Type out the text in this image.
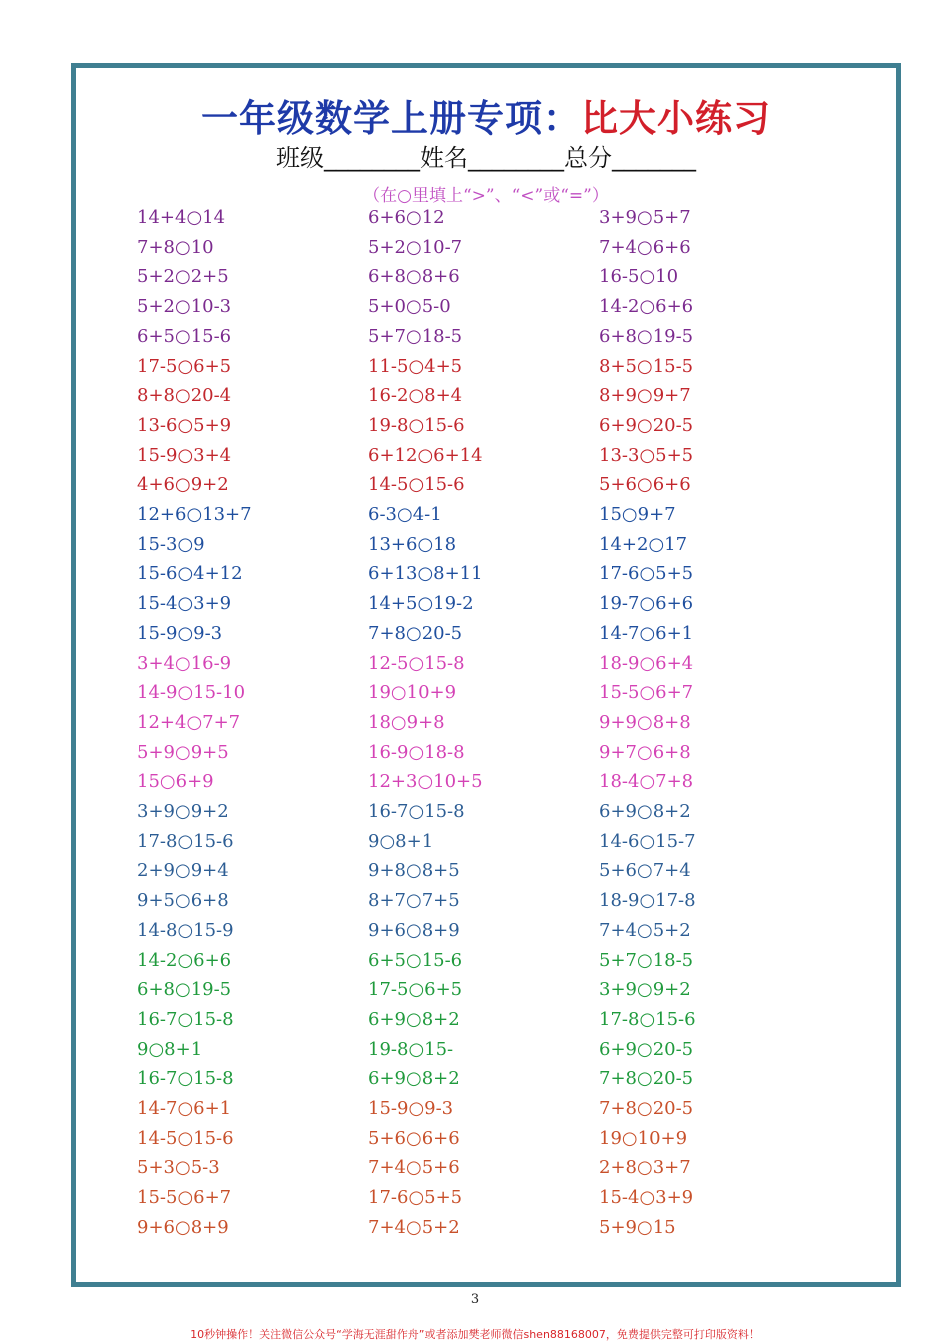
一年级数学上册专项：比大小练习
班级________姓名________总分_______
（在○里填上“>”、“<”或“=”）
14+4○14	6+6○12	3+9○5+7
7+8○10	5+2○10-7	7+4○6+6
5+2○2+5	6+8○8+6	16-5○10
5+2○10-3	5+0○5-0	14-2○6+6
6+5○15-6	5+7○18-5	6+8○19-5
17-5○6+5	11-5○4+5	8+5○15-5
8+8○20-4	16-2○8+4	8+9○9+7
13-6○5+9	19-8○15-6	6+9○20-5
15-9○3+4	6+12○6+14	13-3○5+5
4+6○9+2	14-5○15-6	5+6○6+6
12+6○13+7	6-3○4-1	15○9+7
15-3○9	13+6○18	14+2○17
15-6○4+12	6+13○8+11	17-6○5+5
15-4○3+9	14+5○19-2	19-7○6+6
15-9○9-3	7+8○20-5	14-7○6+1
3+4○16-9	12-5○15-8	18-9○6+4
14-9○15-10	19○10+9	15-5○6+7
12+4○7+7	18○9+8	9+9○8+8
5+9○9+5	16-9○18-8	9+7○6+8
15○6+9	12+3○10+5	18-4○7+8
3+9○9+2	16-7○15-8	6+9○8+2
17-8○15-6	9○8+1	14-6○15-7
2+9○9+4	9+8○8+5	5+6○7+4
9+5○6+8	8+7○7+5	18-9○17-8
14-8○15-9	9+6○8+9	7+4○5+2
14-2○6+6	6+5○15-6	5+7○18-5
6+8○19-5	17-5○6+5	3+9○9+2
16-7○15-8	6+9○8+2	17-8○15-6
9○8+1	19-8○15-	6+9○20-5
16-7○15-8	6+9○8+2	7+8○20-5
14-7○6+1	15-9○9-3	7+8○20-5
14-5○15-6	5+6○6+6	19○10+9
5+3○5-3	7+4○5+6	2+8○3+7
15-5○6+7	17-6○5+5	15-4○3+9
9+6○8+9	7+4○5+2	5+9○15
3
10秒钟操作！关注微信公众号“学海无涯甜作舟”或者添加樊老师微信shen88168007，免费提供完整可打印版资料！
